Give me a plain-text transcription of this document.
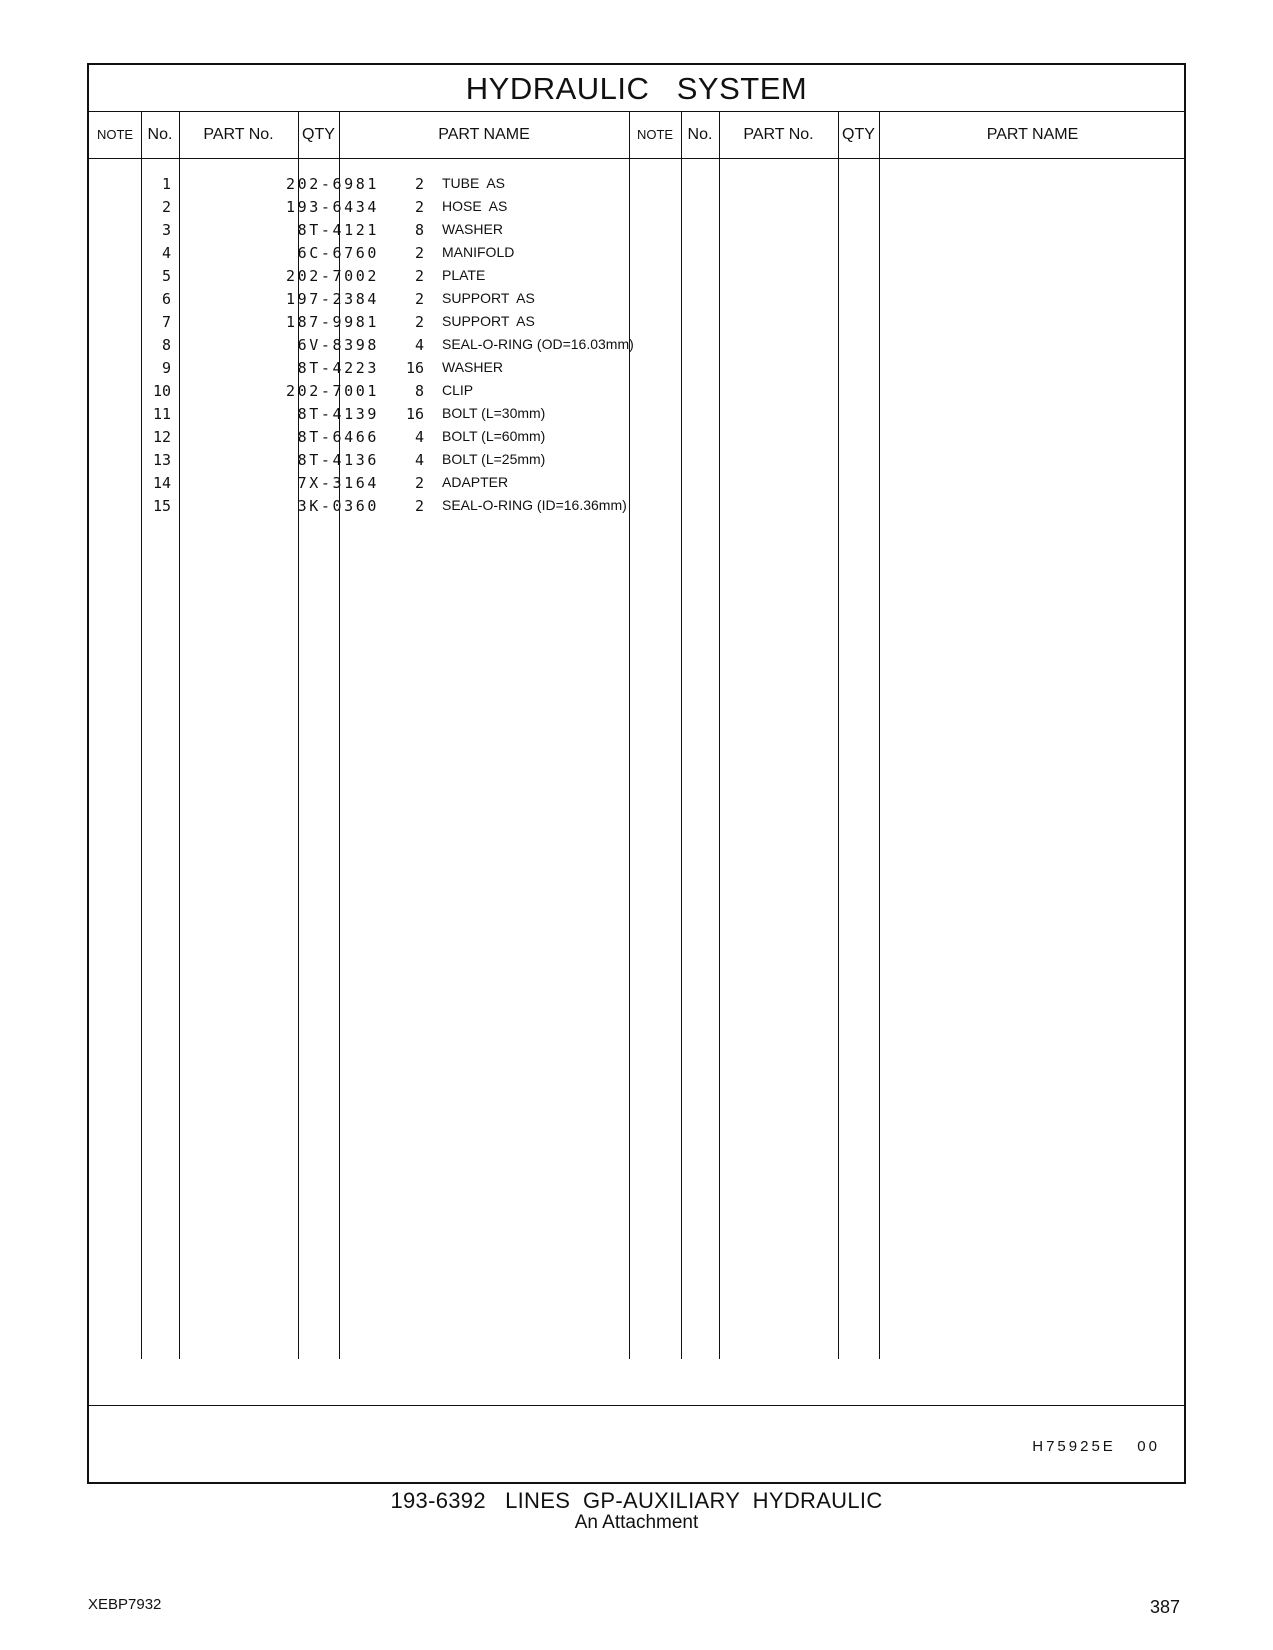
HYDRAULIC   SYSTEM
NOTE No.	PART No.	QTY	PART NAME	NOTE No.	PART No.	QTY	PART NAME
1	202-6981	2 TUBE  AS
2	193-6434	2 HOSE  AS
3	8T-4121	8 WASHER
4	6C-6760	2 MANIFOLD
5	202-7002	2 PLATE
6	197-2384	2 SUPPORT  AS
7	187-9981	2 SUPPORT  AS
8	6V-8398	4 SEAL-O-RING (OD=16.03mm)
9	8T-4223	16 WASHER
10	202-7001	8 CLIP
11	8T-4139	16 BOLT (L=30mm)
12	8T-6466	4 BOLT (L=60mm)
13	8T-4136	4 BOLT (L=25mm)
14	7X-3164	2 ADAPTER
15	3K-0360	2 SEAL-O-RING (ID=16.36mm)
H75925E   00
193-6392   LINES  GP-AUXILIARY  HYDRAULIC
An Attachment
XEBP7932	387
